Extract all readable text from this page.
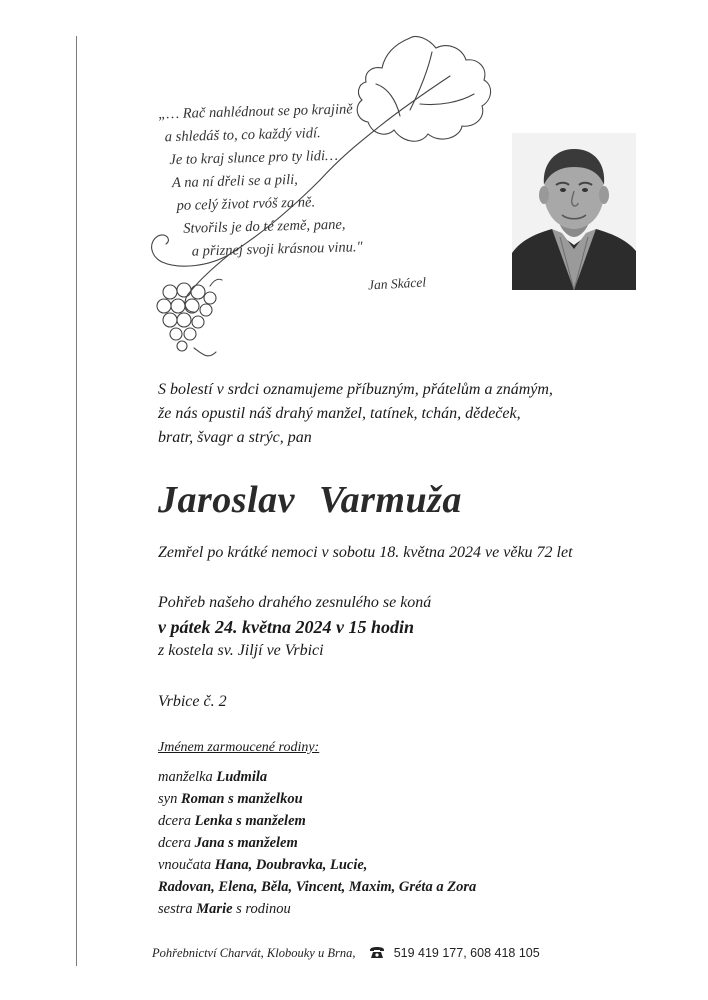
„… Rač nahlédnout se po krajině
a shledáš to, co každý vidí.
Je to kraj slunce pro ty lidi…
A na ní dřeli se a pili,
po celý život rvóš za ně.
Stvořils je do té země, pane,
a přiznej svoji krásnou vinu."
Jan Skácel
S bolestí v srdci oznamujeme příbuzným, přátelům a známým,
že nás opustil náš drahý manžel, tatínek, tchán, dědeček,
bratr, švagr a strýc, pan
Jaroslav Varmuža
Zemřel po krátké nemoci v sobotu 18. května 2024 ve věku 72 let
Pohřeb našeho drahého zesnulého se koná
v pátek 24. května 2024 v 15 hodin
z kostela sv. Jiljí ve Vrbici
Vrbice č. 2
Jménem zarmoucené rodiny:
manželka Ludmila
syn Roman s manželkou
dcera Lenka s manželem
dcera Jana s manželem
vnoučata Hana, Doubravka, Lucie,
Radovan, Elena, Běla, Vincent, Maxim, Gréta a Zora
sestra Marie s rodinou
Pohřebnictví Charvát, Klobouky u Brna,	519 419 177, 608 418 105
